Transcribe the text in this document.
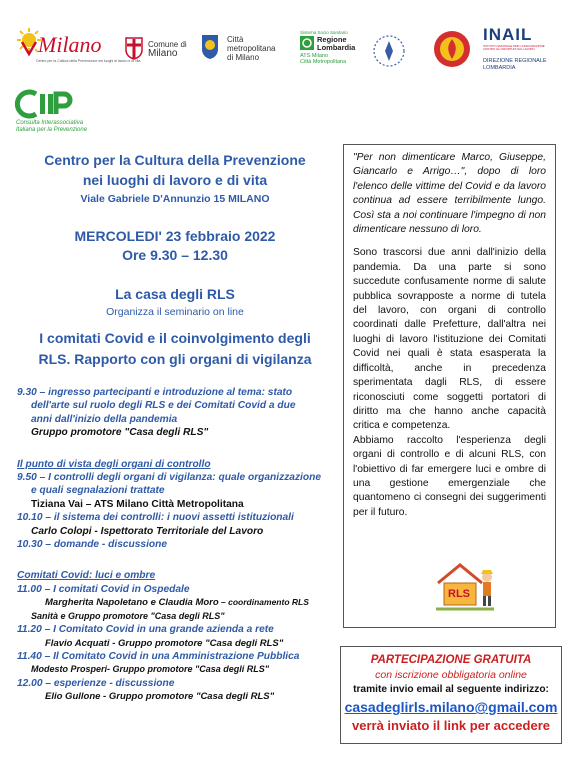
Milano
Centro per la Cultura della Prevenzione nei luoghi di lavoro e di vita
Comune di
Milano
Città
metropolitana
di Milano
Sistema Socio Sanitario
Regione
Lombardia
ATS Milano
Città Metropolitana
INAIL
ISTITUTO NAZIONALE PER L'ASSICURAZIONE CONTRO GLI INFORTUNI SUL LAVORO
DIREZIONE REGIONALE
LOMBARDIA
Consulta Interassociativa
Italiana per la Prevenzione
Centro per la Cultura della Prevenzione
nei luoghi di lavoro e di vita
Viale Gabriele D'Annunzio 15 MILANO
MERCOLEDI' 23 febbraio 2022
Ore 9.30 – 12.30
La casa degli RLS
Organizza il seminario on line
I comitati Covid e il coinvolgimento degli
RLS. Rapporto con gli organi di vigilanza
9.30 – ingresso partecipanti e introduzione al tema: stato
dell'arte sul ruolo degli RLS e dei Comitati Covid a due
anni dall'inizio della pandemia
Gruppo promotore "Casa degli RLS"
Il punto di vista degli organi di controllo
9.50 – I controlli degli organi di vigilanza: quale organizzazione
e quali segnalazioni trattate
Tiziana Vai – ATS Milano Città Metropolitana
10.10 – il sistema dei controlli: i nuovi assetti istituzionali
Carlo Colopi - Ispettorato Territoriale del Lavoro
10.30 – domande - discussione
Comitati Covid: luci e ombre
11.00 – I comitati Covid in Ospedale
Margherita Napoletano e Claudia Moro – coordinamento RLS
Sanità e Gruppo promotore "Casa degli RLS"
11.20 – I Comitato Covid in una grande azienda a rete
Flavio Acquati - Gruppo promotore "Casa degli RLS"
11.40 – Il Comitato Covid in una Amministrazione Pubblica
Modesto Prosperi- Gruppo promotore "Casa degli RLS"
12.00 – esperienze - discussione
Elio Gullone - Gruppo promotore "Casa degli RLS"

"Per non dimenticare Marco, Giuseppe, Giancarlo e Arrigo…", dopo di loro l'elenco delle vittime del Covid e da lavoro continua ad essere terribilmente lungo. Così sta a noi continuare l'impegno di non dimenticare nessuno di loro.

Sono trascorsi due anni dall'inizio della pandemia. Da una parte si sono succedute confusamente norme di salute pubblica sovrapposte a norme di tutela del lavoro, con organi di controllo coordinati dalle Prefetture, dall'altra nei luoghi di lavoro l'istituzione dei Comitati Covid nei quali è stata esasperata la difficoltà, anche in precedenza sperimentata dagli RLS, di essere riconosciuti come soggetti portatori di diritto ma che hanno anche capacità critica e competenza.

Abbiamo raccolto l'esperienza degli organi di controllo e di alcuni RLS, con l'obiettivo di far emergere luci e ombre di una gestione emergenziale che quantomeno ci consegni dei suggerimenti per il futuro.

RLS
PARTECIPAZIONE GRATUITA
con iscrizione obbligatoria online
tramite invio email al seguente indirizzo:
casadeglirls.milano@gmail.com
verrà inviato il link per accedere
